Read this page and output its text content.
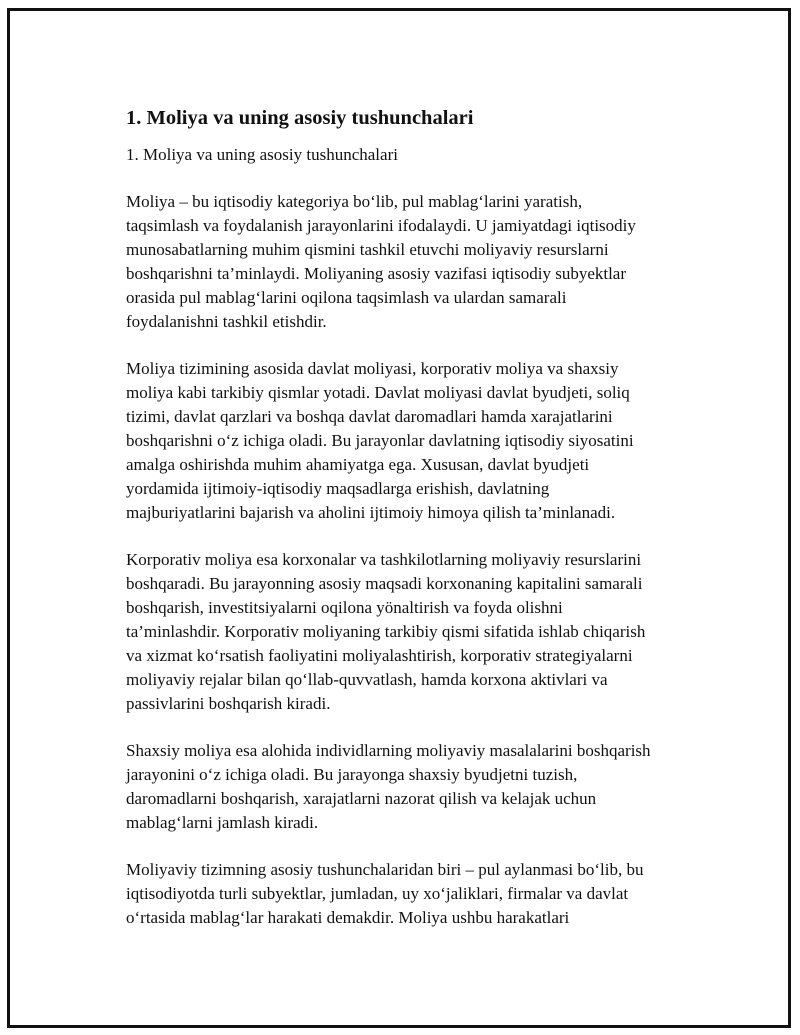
1. Moliya va uning asosiy tushunchalari
1. Moliya va uning asosiy tushunchalari

Moliya – bu iqtisodiy kategoriya bo‘lib, pul mablag‘larini yaratish,
taqsimlash va foydalanish jarayonlarini ifodalaydi. U jamiyatdagi iqtisodiy
munosabatlarning muhim qismini tashkil etuvchi moliyaviy resurslarni
boshqarishni ta’minlaydi. Moliyaning asosiy vazifasi iqtisodiy subyektlar
orasida pul mablag‘larini oqilona taqsimlash va ulardan samarali
foydalanishni tashkil etishdir.

Moliya tizimining asosida davlat moliyasi, korporativ moliya va shaxsiy
moliya kabi tarkibiy qismlar yotadi. Davlat moliyasi davlat byudjeti, soliq
tizimi, davlat qarzlari va boshqa davlat daromadlari hamda xarajatlarini
boshqarishni o‘z ichiga oladi. Bu jarayonlar davlatning iqtisodiy siyosatini
amalga oshirishda muhim ahamiyatga ega. Xususan, davlat byudjeti
yordamida ijtimoiy-iqtisodiy maqsadlarga erishish, davlatning
majburiyatlarini bajarish va aholini ijtimoiy himoya qilish ta’minlanadi.

Korporativ moliya esa korxonalar va tashkilotlarning moliyaviy resurslarini
boshqaradi. Bu jarayonning asosiy maqsadi korxonaning kapitalini samarali
boshqarish, investitsiyalarni oqilona yönaltirish va foyda olishni
ta’minlashdir. Korporativ moliyaning tarkibiy qismi sifatida ishlab chiqarish
va xizmat ko‘rsatish faoliyatini moliyalashtirish, korporativ strategiyalarni
moliyaviy rejalar bilan qo‘llab-quvvatlash, hamda korxona aktivlari va
passivlarini boshqarish kiradi.

Shaxsiy moliya esa alohida individlarning moliyaviy masalalarini boshqarish
jarayonini o‘z ichiga oladi. Bu jarayonga shaxsiy byudjetni tuzish,
daromadlarni boshqarish, xarajatlarni nazorat qilish va kelajak uchun
mablag‘larni jamlash kiradi.

Moliyaviy tizimning asosiy tushunchalaridan biri – pul aylanmasi bo‘lib, bu
iqtisodiyotda turli subyektlar, jumladan, uy xo‘jaliklari, firmalar va davlat
o‘rtasida mablag‘lar harakati demakdir. Moliya ushbu harakatlari
